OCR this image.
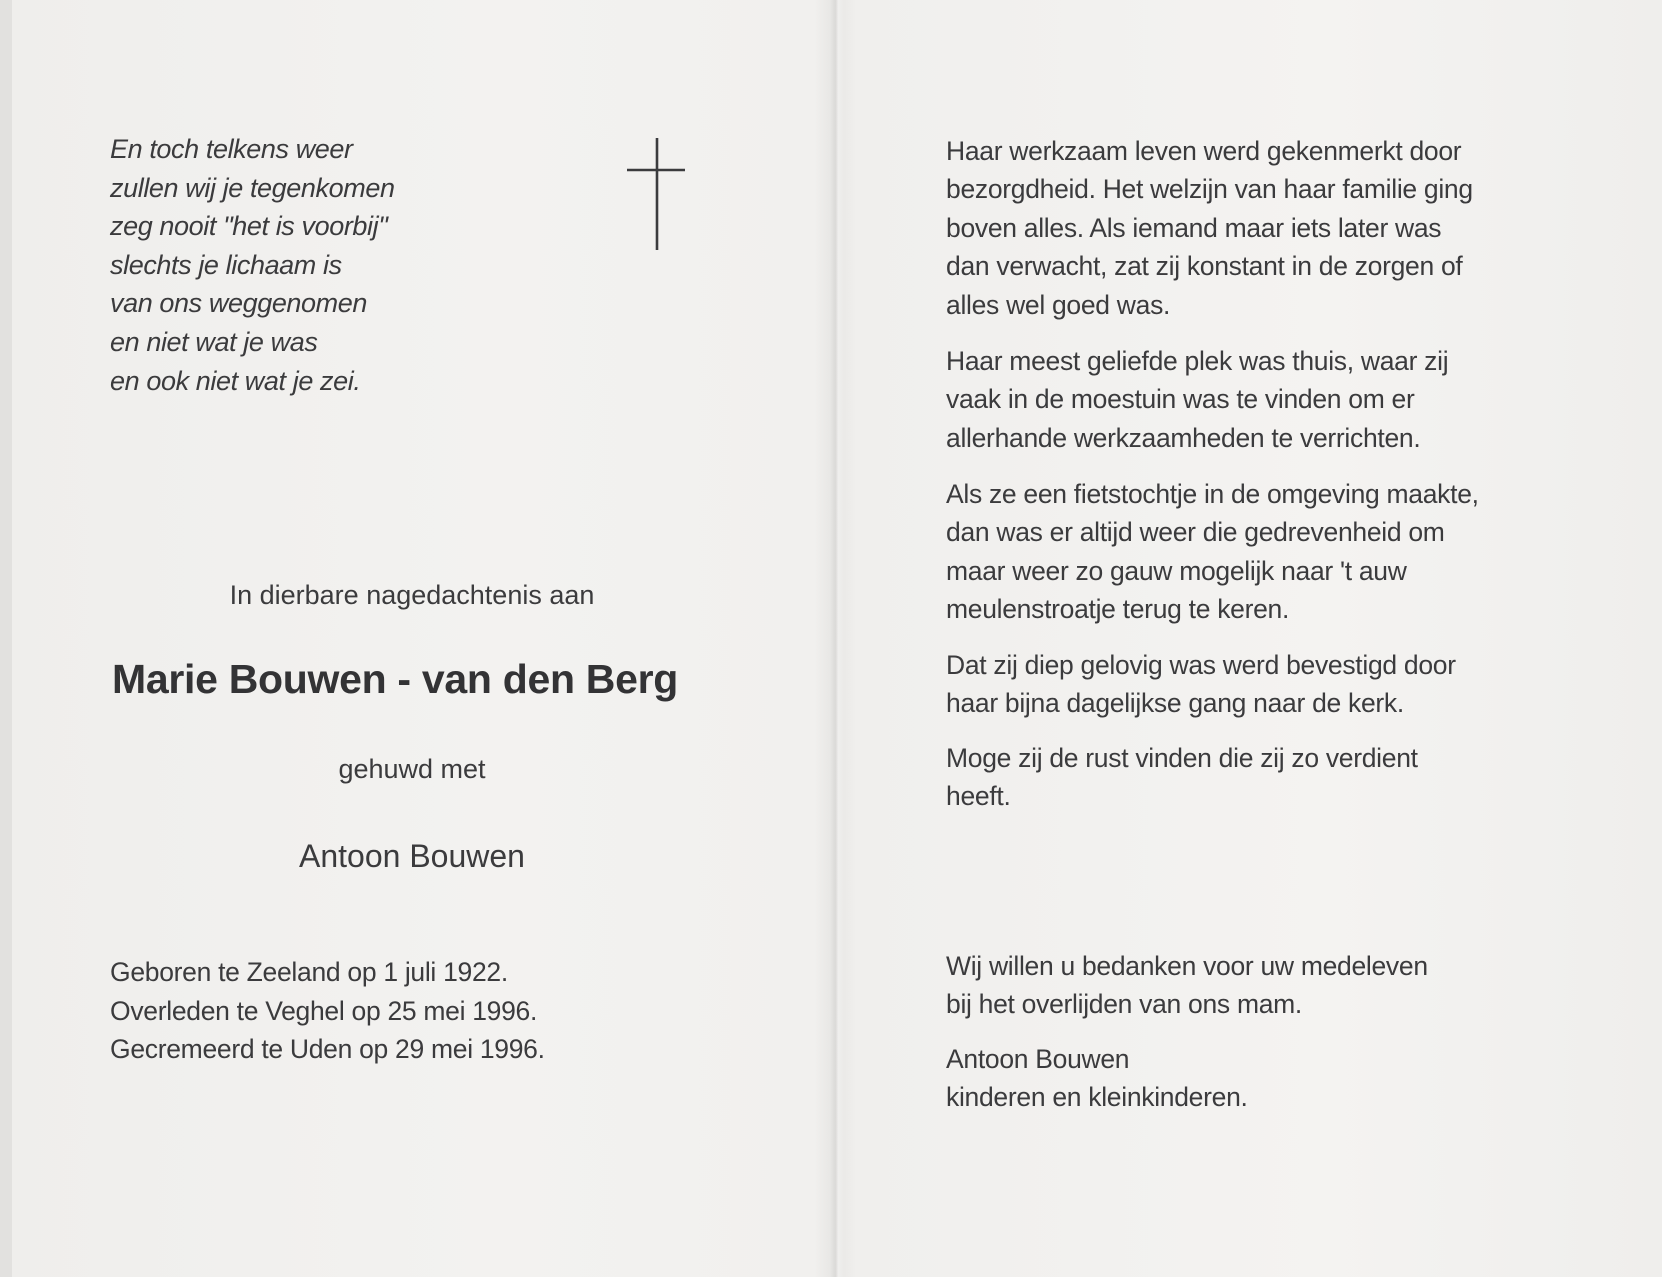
En toch telkens weer
zullen wij je tegenkomen
zeg nooit "het is voorbij"
slechts je lichaam is
van ons weggenomen
en niet wat je was
en ook niet wat je zei.
In dierbare nagedachtenis aan
Marie Bouwen - van den Berg
gehuwd met
Antoon Bouwen
Geboren te Zeeland op 1 juli 1922.
Overleden te Veghel op 25 mei 1996.
Gecremeerd te Uden op 29 mei 1996.
Haar werkzaam leven werd gekenmerkt door
bezorgdheid. Het welzijn van haar familie ging
boven alles. Als iemand maar iets later was
dan verwacht, zat zij konstant in de zorgen of
alles wel goed was.
Haar meest geliefde plek was thuis, waar zij
vaak in de moestuin was te vinden om er
allerhande werkzaamheden te verrichten.
Als ze een fietstochtje in de omgeving maakte,
dan was er altijd weer die gedrevenheid om
maar weer zo gauw mogelijk naar 't auw
meulenstroatje terug te keren.
Dat zij diep gelovig was werd bevestigd door
haar bijna dagelijkse gang naar de kerk.
Moge zij de rust vinden die zij zo verdient
heeft.
Wij willen u bedanken voor uw medeleven
bij het overlijden van ons mam.
Antoon Bouwen
kinderen en kleinkinderen.
